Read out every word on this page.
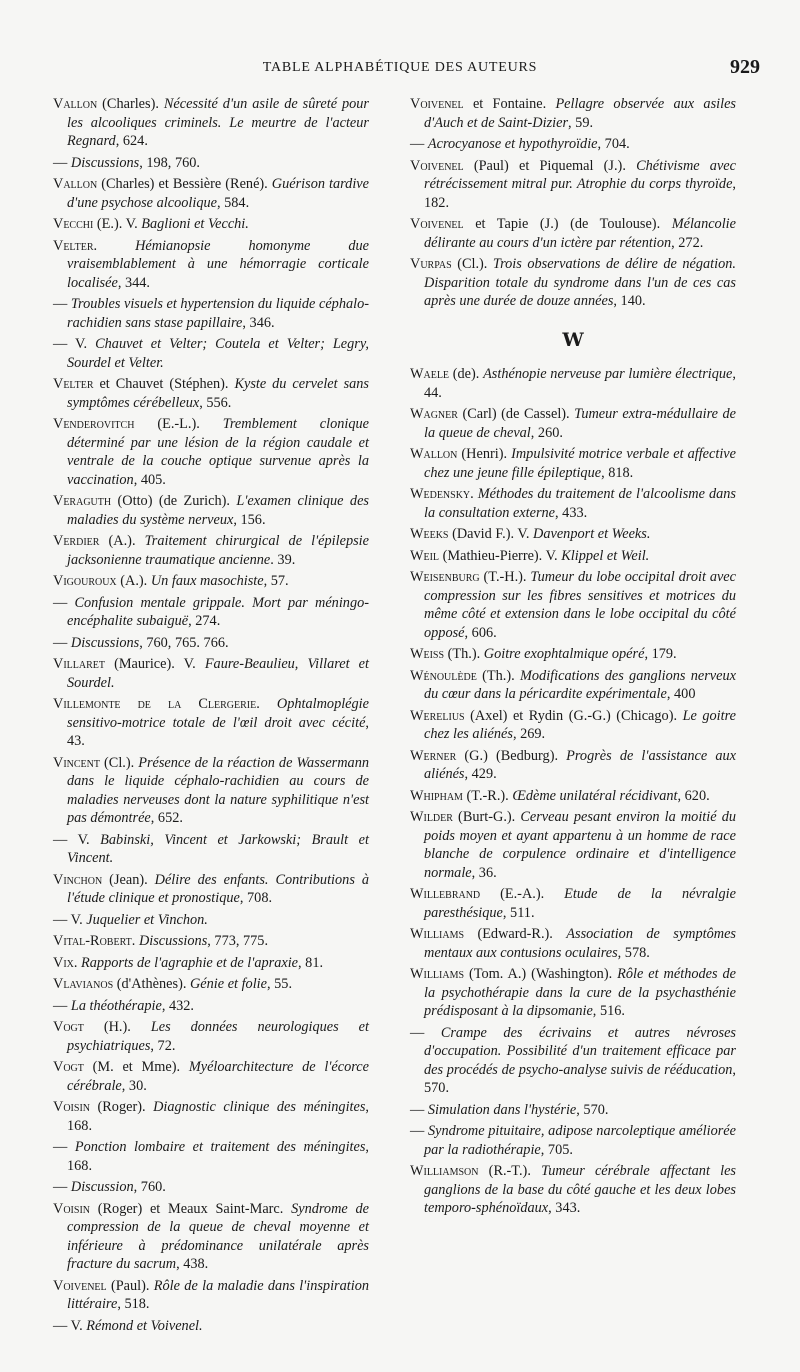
TABLE ALPHABÉTIQUE DES AUTEURS	929

Vallon (Charles). Nécessité d'un asile de sûreté pour les alcooliques criminels. Le meurtre de l'acteur Regnard, 624.

— Discussions, 198, 760.

Vallon (Charles) et Bessière (René). Guérison tardive d'une psychose alcoolique, 584.

Vecchi (E.). V. Baglioni et Vecchi.

Velter. Hémianopsie homonyme due vraisemblablement à une hémorragie corticale localisée, 344.

— Troubles visuels et hypertension du liquide céphalo-rachidien sans stase papillaire, 346.

— V. Chauvet et Velter; Coutela et Velter; Legry, Sourdel et Velter.

Velter et Chauvet (Stéphen). Kyste du cervelet sans symptômes cérébelleux, 556.

Venderovitch (E.-L.). Tremblement clonique déterminé par une lésion de la région caudale et ventrale de la couche optique survenue après la vaccination, 405.

Veraguth (Otto) (de Zurich). L'examen clinique des maladies du système nerveux, 156.

Verdier (A.). Traitement chirurgical de l'épilepsie jacksonienne traumatique ancienne. 39.

Vigouroux (A.). Un faux masochiste, 57.

— Confusion mentale grippale. Mort par méningo-encéphalite subaiguë, 274.

— Discussions, 760, 765. 766.

Villaret (Maurice). V. Faure-Beaulieu, Villaret et Sourdel.

Villemonte de la Clergerie. Ophtalmoplégie sensitivo-motrice totale de l'œil droit avec cécité, 43.

Vincent (Cl.). Présence de la réaction de Wassermann dans le liquide céphalo-rachidien au cours de maladies nerveuses dont la nature syphilitique n'est pas démontrée, 652.

— V. Babinski, Vincent et Jarkowski; Brault et Vincent.

Vinchon (Jean). Délire des enfants. Contributions à l'étude clinique et pronostique, 708.

— V. Juquelier et Vinchon.

Vital-Robert. Discussions, 773, 775.

Vix. Rapports de l'agraphie et de l'apraxie, 81.

Vlavianos (d'Athènes). Génie et folie, 55.

— La théothérapie, 432.

Vogt (H.). Les données neurologiques et psychiatriques, 72.

Vogt (M. et Mme). Myéloarchitecture de l'écorce cérébrale, 30.

Voisin (Roger). Diagnostic clinique des méningites, 168.

— Ponction lombaire et traitement des méningites, 168.

— Discussion, 760.

Voisin (Roger) et Meaux Saint-Marc. Syndrome de compression de la queue de cheval moyenne et inférieure à prédominance unilatérale après fracture du sacrum, 438.

Voivenel (Paul). Rôle de la maladie dans l'inspiration littéraire, 518.

— V. Rémond et Voivenel.

Voivenel et Fontaine. Pellagre observée aux asiles d'Auch et de Saint-Dizier, 59.

— Acrocyanose et hypothyroïdie, 704.

Voivenel (Paul) et Piquemal (J.). Chétivisme avec rétrécissement mitral pur. Atrophie du corps thyroïde, 182.

Voivenel et Tapie (J.) (de Toulouse). Mélancolie délirante au cours d'un ictère par rétention, 272.

Vurpas (Cl.). Trois observations de délire de négation. Disparition totale du syndrome dans l'un de ces cas après une durée de douze années, 140.

W

Waele (de). Asthénopie nerveuse par lumière électrique, 44.

Wagner (Carl) (de Cassel). Tumeur extra-médullaire de la queue de cheval, 260.

Wallon (Henri). Impulsivité motrice verbale et affective chez une jeune fille épileptique, 818.

Wedensky. Méthodes du traitement de l'alcoolisme dans la consultation externe, 433.

Weeks (David F.). V. Davenport et Weeks.

Weil (Mathieu-Pierre). V. Klippel et Weil.

Weisenburg (T.-H.). Tumeur du lobe occipital droit avec compression sur les fibres sensitives et motrices du même côté et extension dans le lobe occipital du côté opposé, 606.

Weiss (Th.). Goitre exophtalmique opéré, 179.

Wénoulède (Th.). Modifications des ganglions nerveux du cœur dans la péricardite expérimentale, 400

Werelius (Axel) et Rydin (G.-G.) (Chicago). Le goitre chez les aliénés, 269.

Werner (G.) (Bedburg). Progrès de l'assistance aux aliénés, 429.

Whipham (T.-R.). Œdème unilatéral récidivant, 620.

Wilder (Burt-G.). Cerveau pesant environ la moitié du poids moyen et ayant appartenu à un homme de race blanche de corpulence ordinaire et d'intelligence normale, 36.

Willebrand (E.-A.). Etude de la névralgie paresthésique, 511.

Williams (Edward-R.). Association de symptômes mentaux aux contusions oculaires, 578.

Williams (Tom. A.) (Washington). Rôle et méthodes de la psychothérapie dans la cure de la psychasthénie prédisposant à la dipsomanie, 516.

— Crampe des écrivains et autres névroses d'occupation. Possibilité d'un traitement efficace par des procédés de psycho-analyse suivis de rééducation, 570.

— Simulation dans l'hystérie, 570.

— Syndrome pituitaire, adipose narcoleptique améliorée par la radiothérapie, 705.

Williamson (R.-T.). Tumeur cérébrale affectant les ganglions de la base du côté gauche et les deux lobes temporo-sphénoïdaux, 343.
